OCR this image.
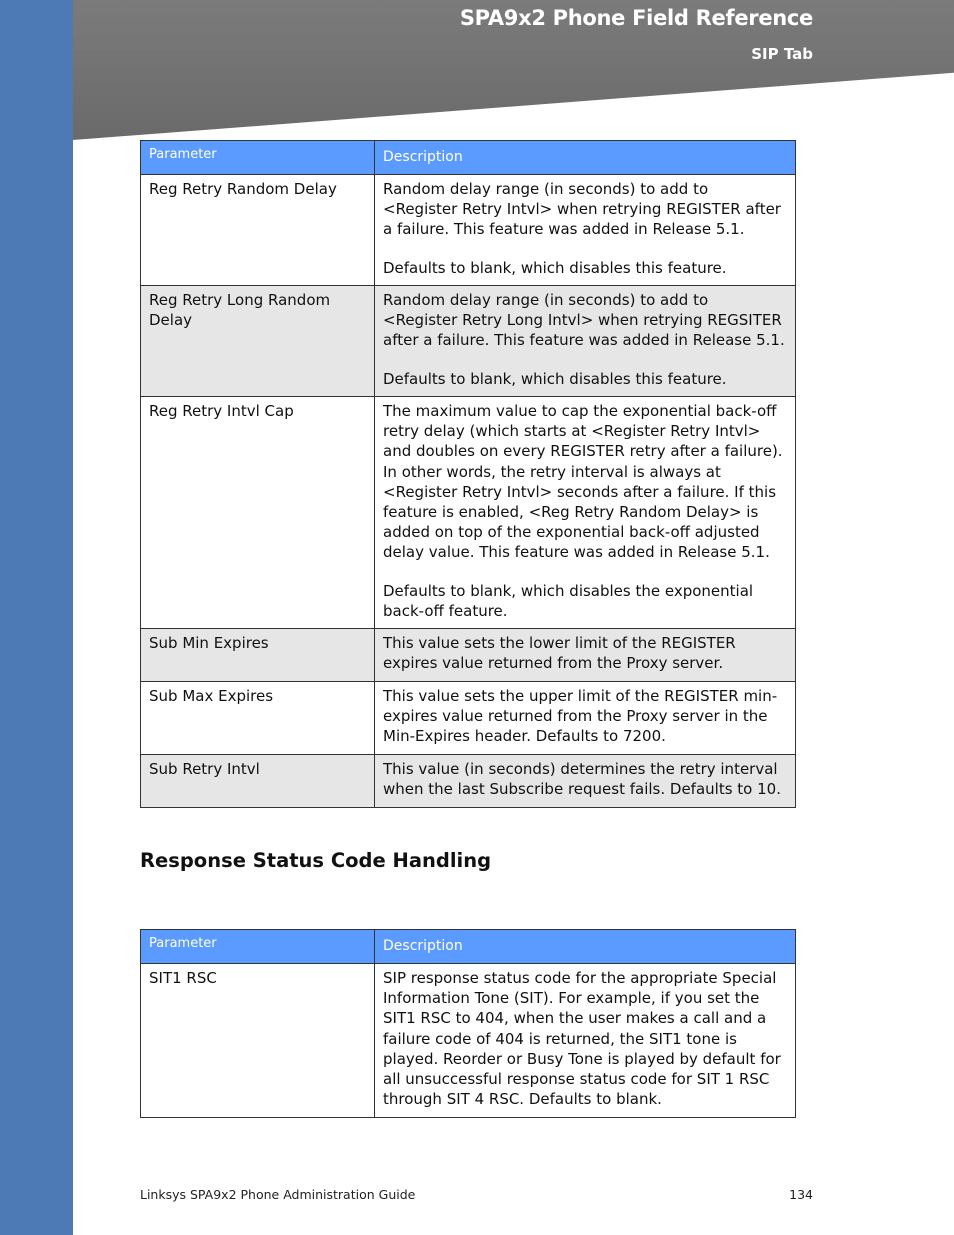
SPA9x2 Phone Field Reference
SIP Tab
Parameter	Description
Reg Retry Random Delay	Random delay range (in seconds) to add to <Register Retry Intvl> when retrying REGISTER after a failure. This feature was added in Release 5.1.

Defaults to blank, which disables this feature.

Reg Retry Long Random Delay	Random delay range (in seconds) to add to <Register Retry Long Intvl> when retrying REGSITER after a failure. This feature was added in Release 5.1.

Defaults to blank, which disables this feature.

Reg Retry Intvl Cap	The maximum value to cap the exponential back-off retry delay (which starts at <Register Retry Intvl> and doubles on every REGISTER retry after a failure). In other words, the retry interval is always at <Register Retry Intvl> seconds after a failure. If this feature is enabled, <Reg Retry Random Delay> is added on top of the exponential back-off adjusted delay value. This feature was added in Release 5.1.

Defaults to blank, which disables the exponential back-off feature.

Sub Min Expires	This value sets the lower limit of the REGISTER expires value returned from the Proxy server.

Sub Max Expires	This value sets the upper limit of the REGISTER min-expires value returned from the Proxy server in the Min-Expires header. Defaults to 7200.

Sub Retry Intvl	This value (in seconds) determines the retry interval when the last Subscribe request fails. Defaults to 10.

Response Status Code Handling
Parameter	Description
SIT1 RSC	SIP response status code for the appropriate Special Information Tone (SIT). For example, if you set the SIT1 RSC to 404, when the user makes a call and a failure code of 404 is returned, the SIT1 tone is played. Reorder or Busy Tone is played by default for all unsuccessful response status code for SIT 1 RSC through SIT 4 RSC. Defaults to blank.

Linksys SPA9x2 Phone Administration Guide	134
